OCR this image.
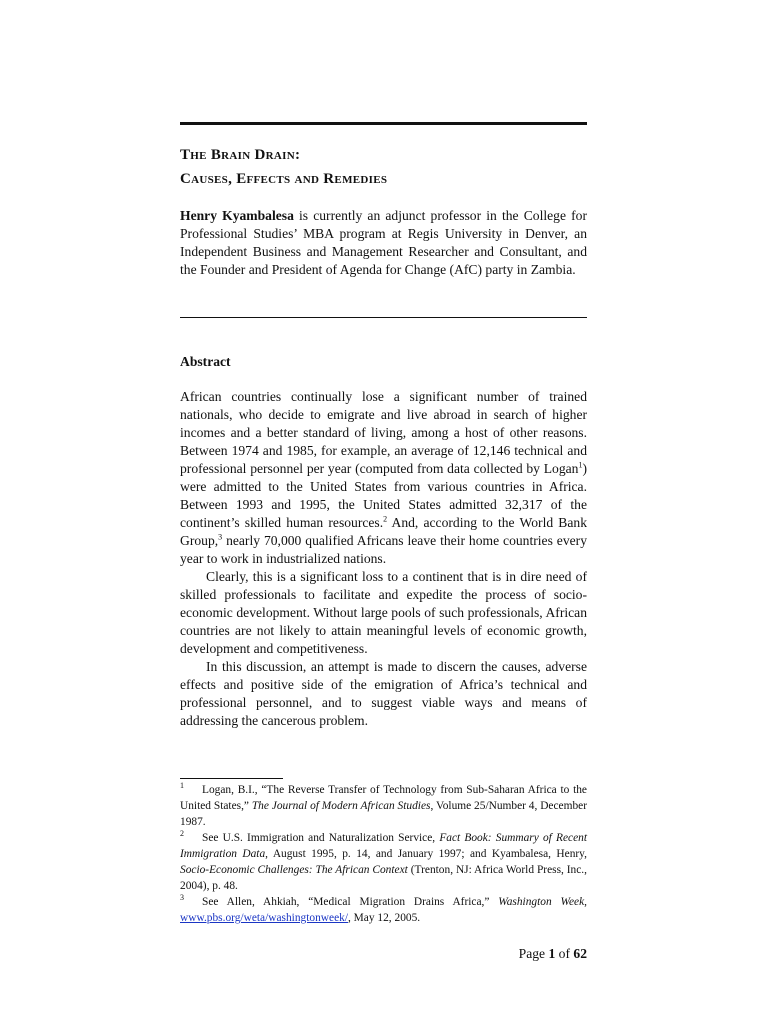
The Brain Drain:
Causes, Effects and Remedies

Henry Kyambalesa is currently an adjunct professor in the College for Professional Studies’ MBA program at Regis University in Denver, an Independent Business and Management Researcher and Consultant, and the Founder and President of Agenda for Change (AfC) party in Zambia.

Abstract

African countries continually lose a significant number of trained nationals, who decide to emigrate and live abroad in search of higher incomes and a better standard of living, among a host of other reasons. Between 1974 and 1985, for example, an average of 12,146 technical and professional personnel per year (computed from data collected by Logan$^1$) were admitted to the United States from various countries in Africa. Between 1993 and 1995, the United States admitted 32,317 of the continent’s skilled human resources.$^2$ And, according to the World Bank Group,$^3$ nearly 70,000 qualified Africans leave their home countries every year to work in industrialized nations.

Clearly, this is a significant loss to a continent that is in dire need of skilled professionals to facilitate and expedite the process of socio-economic development. Without large pools of such professionals, African countries are not likely to attain meaningful levels of economic growth, development and competitiveness.

In this discussion, an attempt is made to discern the causes, adverse effects and positive side of the emigration of Africa’s technical and professional personnel, and to suggest viable ways and means of addressing the cancerous problem.

1 Logan, B.I., “The Reverse Transfer of Technology from Sub-Saharan Africa to the United States,” The Journal of Modern African Studies, Volume 25/Number 4, December 1987.

2 See U.S. Immigration and Naturalization Service, Fact Book: Summary of Recent Immigration Data, August 1995, p. 14, and January 1997; and Kyambalesa, Henry, Socio-Economic Challenges: The African Context (Trenton, NJ: Africa World Press, Inc., 2004), p. 48.

3 See Allen, Ahkiah, “Medical Migration Drains Africa,” Washington Week, www.pbs.org/weta/washingtonweek/, May 12, 2005.

Page 1 of 62
